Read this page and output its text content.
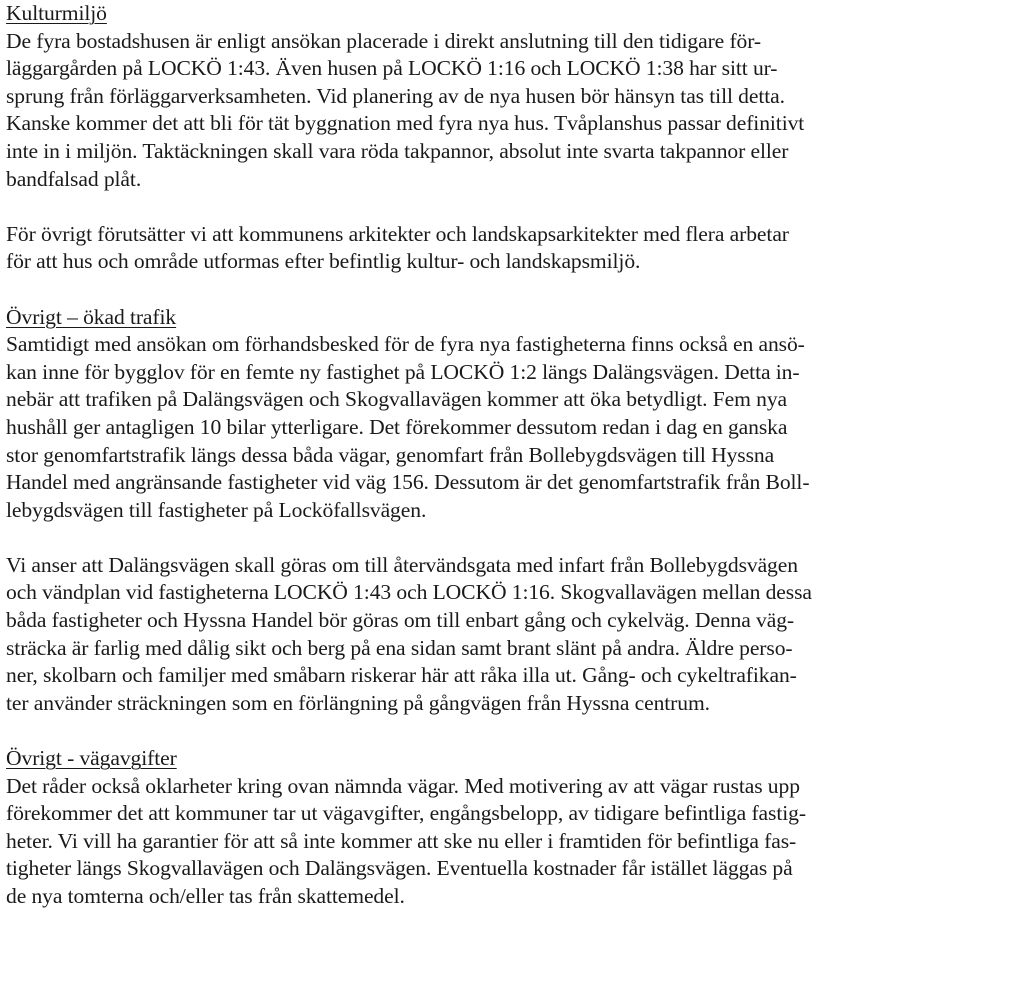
Kulturmiljö
De fyra bostadshusen är enligt ansökan placerade i direkt anslutning till den tidigare för-
läggargården på LOCKÖ 1:43. Även husen på LOCKÖ 1:16 och LOCKÖ 1:38 har sitt ur-
sprung från förläggarverksamheten. Vid planering av de nya husen bör hänsyn tas till detta.
Kanske kommer det att bli för tät byggnation med fyra nya hus. Tvåplanshus passar definitivt
inte in i miljön. Taktäckningen skall vara röda takpannor, absolut inte svarta takpannor eller
bandfalsad plåt.
För övrigt förutsätter vi att kommunens arkitekter och landskapsarkitekter med flera arbetar
för att hus och område utformas efter befintlig kultur- och landskapsmiljö.
Övrigt – ökad trafik
Samtidigt med ansökan om förhandsbesked för de fyra nya fastigheterna finns också en ansö-
kan inne för bygglov för en femte ny fastighet på LOCKÖ 1:2 längs Dalängsvägen. Detta in-
nebär att trafiken på Dalängsvägen och Skogvallavägen kommer att öka betydligt. Fem nya
hushåll ger antagligen 10 bilar ytterligare. Det förekommer dessutom redan i dag en ganska
stor genomfartstrafik längs dessa båda vägar, genomfart från Bollebygdsvägen till Hyssna
Handel med angränsande fastigheter vid väg 156. Dessutom är det genomfartstrafik från Boll-
lebygdsvägen till fastigheter på Locköfallsvägen.
Vi anser att Dalängsvägen skall göras om till återvändsgata med infart från Bollebygdsvägen
och vändplan vid fastigheterna LOCKÖ 1:43 och LOCKÖ 1:16. Skogvallavägen mellan dessa
båda fastigheter och Hyssna Handel bör göras om till enbart gång och cykelväg. Denna väg-
sträcka är farlig med dålig sikt och berg på ena sidan samt brant slänt på andra. Äldre perso-
ner, skolbarn och familjer med småbarn riskerar här att råka illa ut. Gång- och cykeltrafikan-
ter använder sträckningen som en förlängning på gångvägen från Hyssna centrum.
Övrigt - vägavgifter
Det råder också oklarheter kring ovan nämnda vägar. Med motivering av att vägar rustas upp
förekommer det att kommuner tar ut vägavgifter, engångsbelopp, av tidigare befintliga fastig-
heter. Vi vill ha garantier för att så inte kommer att ske nu eller i framtiden för befintliga fas-
tigheter längs Skogvallavägen och Dalängsvägen. Eventuella kostnader får istället läggas på
de nya tomterna och/eller tas från skattemedel.
